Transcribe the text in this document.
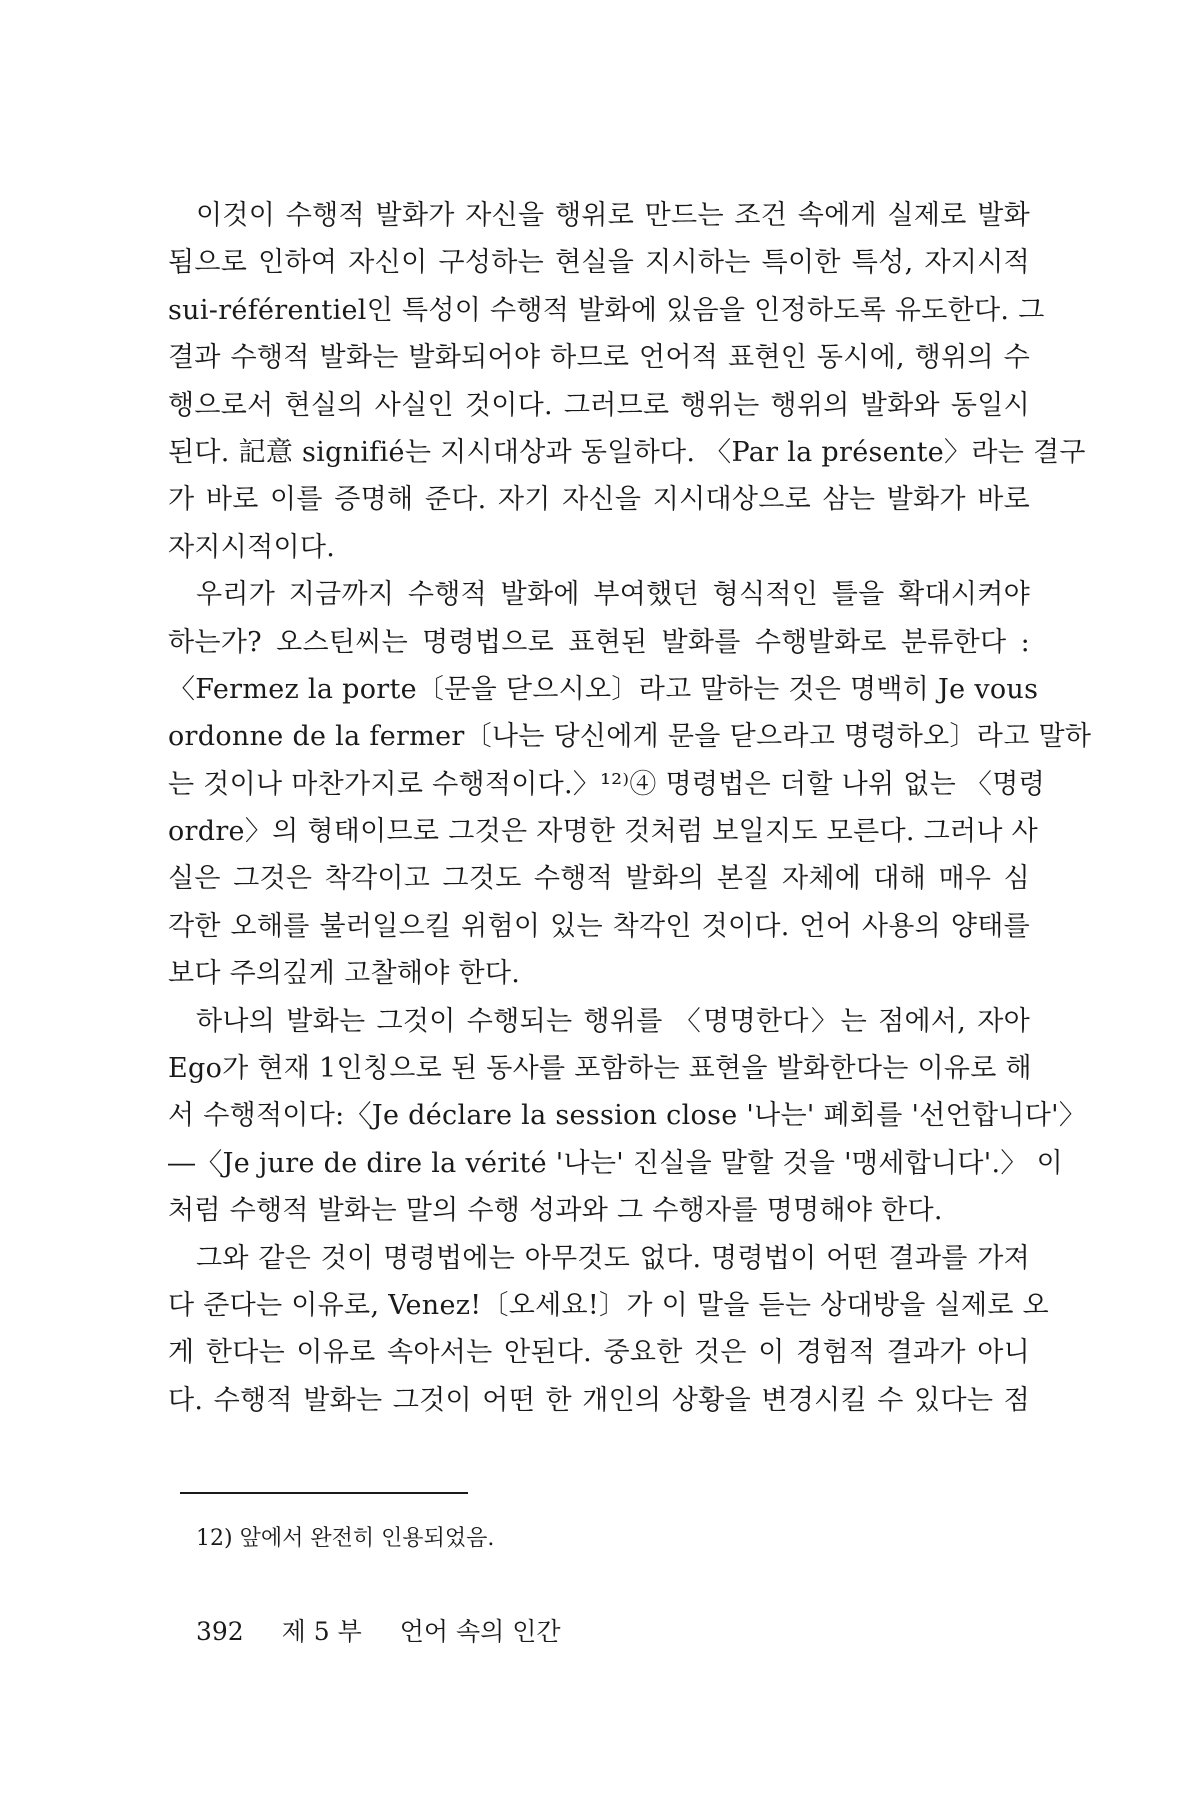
이것이 수행적 발화가 자신을 행위로 만드는 조건 속에게 실제로 발화
됨으로 인하여 자신이 구성하는 현실을 지시하는 특이한 특성, 자지시적
sui-référentiel인 특성이 수행적 발화에 있음을 인정하도록 유도한다. 그
결과 수행적 발화는 발화되어야 하므로 언어적 표현인 동시에, 행위의 수
행으로서 현실의 사실인 것이다. 그러므로 행위는 행위의 발화와 동일시
된다. 記意 signifié는 지시대상과 동일하다. 〈Par la présente〉라는 결구
가 바로 이를 증명해 준다. 자기 자신을 지시대상으로 삼는 발화가 바로
자지시적이다.
우리가 지금까지 수행적 발화에 부여했던 형식적인 틀을 확대시켜야
하는가? 오스틴씨는 명령법으로 표현된 발화를 수행발화로 분류한다 :
〈Fermez la porte〔문을 닫으시오〕라고 말하는 것은 명백히 Je vous
ordonne de la fermer〔나는 당신에게 문을 닫으라고 명령하오〕라고 말하
는 것이나 마찬가지로 수행적이다.〉¹²⁾④ 명령법은 더할 나위 없는 〈명령
ordre〉의 형태이므로 그것은 자명한 것처럼 보일지도 모른다. 그러나 사
실은 그것은 착각이고 그것도 수행적 발화의 본질 자체에 대해 매우 심
각한 오해를 불러일으킬 위험이 있는 착각인 것이다. 언어 사용의 양태를
보다 주의깊게 고찰해야 한다.
하나의 발화는 그것이 수행되는 행위를 〈명명한다〉는 점에서, 자아
Ego가 현재 1인칭으로 된 동사를 포함하는 표현을 발화한다는 이유로 해
서 수행적이다:〈Je déclare la session close '나는' 폐회를 '선언합니다'〉
―〈Je jure de dire la vérité '나는' 진실을 말할 것을 '맹세합니다'.〉 이
처럼 수행적 발화는 말의 수행 성과와 그 수행자를 명명해야 한다.
그와 같은 것이 명령법에는 아무것도 없다. 명령법이 어떤 결과를 가져
다 준다는 이유로, Venez!〔오세요!〕가 이 말을 듣는 상대방을 실제로 오
게 한다는 이유로 속아서는 안된다. 중요한 것은 이 경험적 결과가 아니
다. 수행적 발화는 그것이 어떤 한 개인의 상황을 변경시킬 수 있다는 점
12) 앞에서 완전히 인용되었음.
392 제 5 부 언어 속의 인간
